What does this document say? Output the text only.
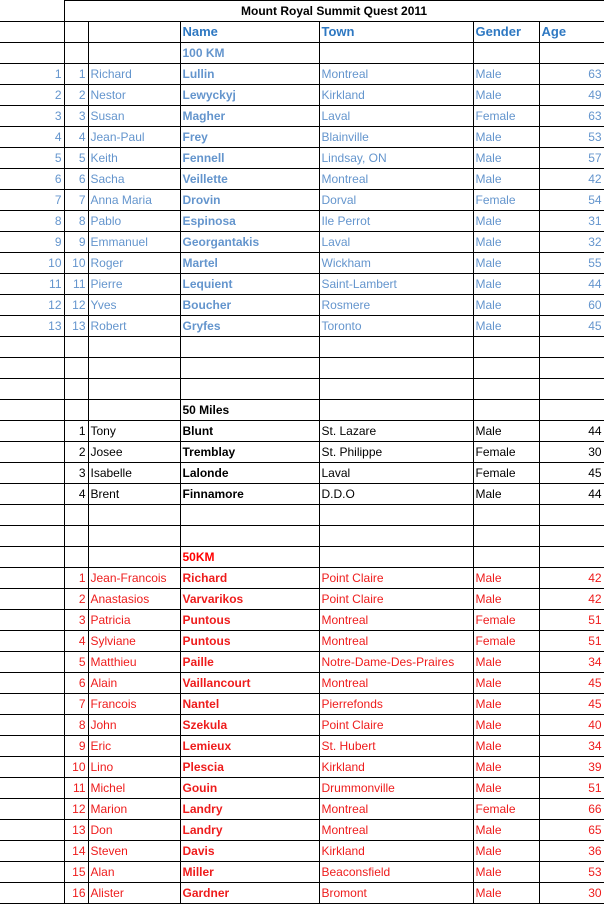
	Mount Royal Summit Quest 2011					
			Name	Town	Gender	Age
			100 KM			
1	1	Richard	Lullin	Montreal	Male	63
2	2	Nestor	Lewyckyj	Kirkland	Male	49
3	3	Susan	Magher	Laval	Female	63
4	4	Jean-Paul	Frey	Blainville	Male	53
5	5	Keith	Fennell	Lindsay, ON	Male	57
6	6	Sacha	Veillette	Montreal	Male	42
7	7	Anna Maria	Drovin	Dorval	Female	54
8	8	Pablo	Espinosa	Ile Perrot	Male	31
9	9	Emmanuel	Georgantakis	Laval	Male	32
10	10	Roger	Martel	Wickham	Male	55
11	11	Pierre	Lequient	Saint-Lambert	Male	44
12	12	Yves	Boucher	Rosmere	Male	60
13	13	Robert	Gryfes	Toronto	Male	45

			50 Miles			
	1	Tony	Blunt	St. Lazare	Male	44
	2	Josee	Tremblay	St. Philippe	Female	30
	3	Isabelle	Lalonde	Laval	Female	45
	4	Brent	Finnamore	D.D.O	Male	44

			50KM			
	1	Jean-Francois	Richard	Point Claire	Male	42
	2	Anastasios	Varvarikos	Point Claire	Male	42
	3	Patricia	Puntous	Montreal	Female	51
	4	Sylviane	Puntous	Montreal	Female	51
	5	Matthieu	Paille	Notre-Dame-Des-Praires	Male	34
	6	Alain	Vaillancourt	Montreal	Male	45
	7	Francois	Nantel	Pierrefonds	Male	45
	8	John	Szekula	Point Claire	Male	40
	9	Eric	Lemieux	St. Hubert	Male	34
	10	Lino	Plescia	Kirkland	Male	39
	11	Michel	Gouin	Drummonville	Male	51
	12	Marion	Landry	Montreal	Female	66
	13	Don	Landry	Montreal	Male	65
	14	Steven	Davis	Kirkland	Male	36
	15	Alan	Miller	Beaconsfield	Male	53
	16	Alister	Gardner	Bromont	Male	30
